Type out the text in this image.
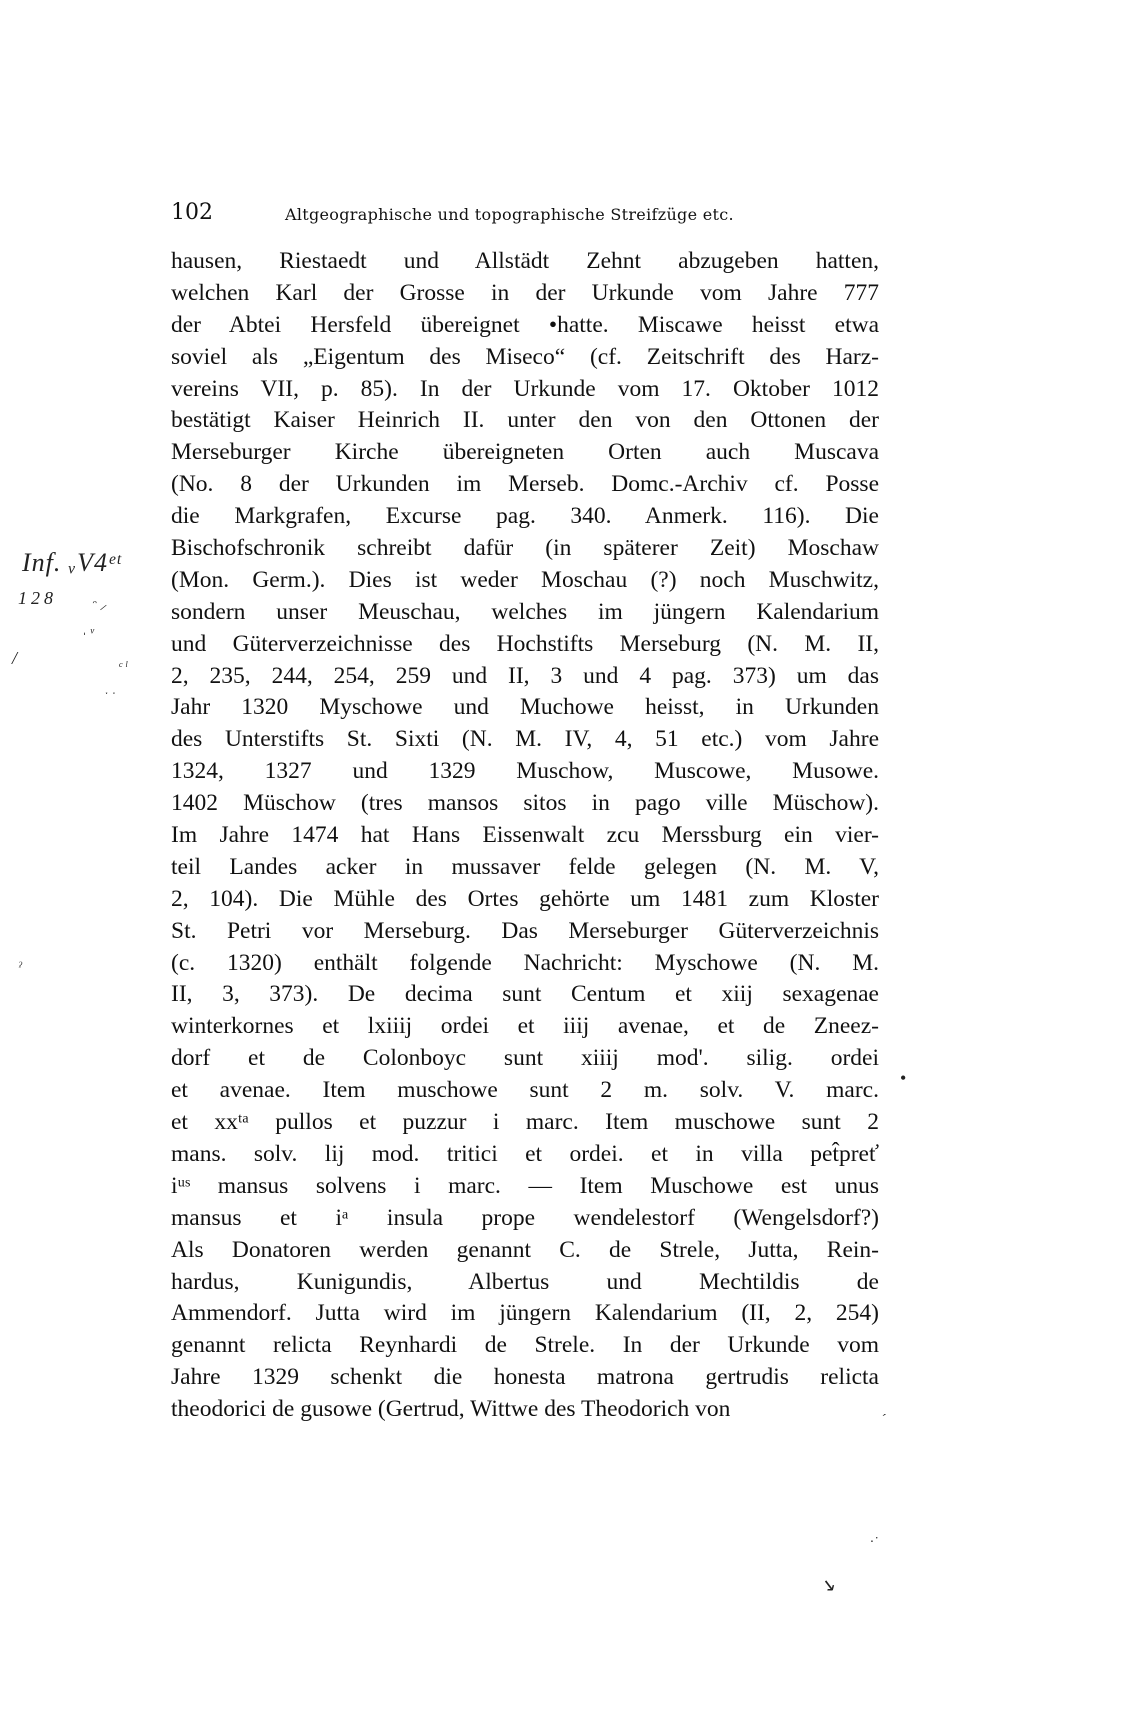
102	Altgeographische und topographische Streifzüge etc.
hausen, Riestaedt und Allstädt Zehnt abzugeben hatten,
welchen Karl der Grosse in der Urkunde vom Jahre 777
der Abtei Hersfeld übereignet •hatte. Miscawe heisst etwa
soviel als „Eigentum des Miseco“ (cf. Zeitschrift des Harz-
vereins VII, p. 85). In der Urkunde vom 17. Oktober 1012
bestätigt Kaiser Heinrich II. unter den von den Ottonen der
Merseburger Kirche übereigneten Orten auch Muscava
(No. 8 der Urkunden im Merseb. Domc.-Archiv cf. Posse
die Markgrafen, Excurse pag. 340. Anmerk. 116). Die
Bischofschronik schreibt dafür (in späterer Zeit) Moschaw
(Mon. Germ.). Dies ist weder Moschau (?) noch Muschwitz,
sondern unser Meuschau, welches im jüngern Kalendarium
und Güterverzeichnisse des Hochstifts Merseburg (N. M. II,
2, 235, 244, 254, 259 und II, 3 und 4 pag. 373) um das
Jahr 1320 Myschowe und Muchowe heisst, in Urkunden
des Unterstifts St. Sixti (N. M. IV, 4, 51 etc.) vom Jahre
1324, 1327 und 1329 Muschow, Muscowe, Musowe.
1402 Müschow (tres mansos sitos in pago ville Müschow).
Im Jahre 1474 hat Hans Eissenwalt zcu Merssburg ein vier-
teil Landes acker in mussaver felde gelegen (N. M. V,
2, 104). Die Mühle des Ortes gehörte um 1481 zum Kloster
St. Petri vor Merseburg. Das Merseburger Güterverzeichnis
(c. 1320) enthält folgende Nachricht: Myschowe (N. M.
II, 3, 373). De decima sunt Centum et xiij sexagenae
winterkornes et lxiiij ordei et iiij avenae, et de Zneez-
dorf et de Colonboyc sunt xiiij mod'. silig. ordei
et avenae. Item muschowe sunt 2 m. solv. V. marc.
et xxᵗᵃ pullos et puzzur i marc. Item muschowe sunt 2
mans. solv. lij mod. tritici et ordei. et in villa pet̂preť
iᵘˢ mansus solvens i marc. — Item Muschowe est unus
mansus et iᵃ insula prope wendelestorf (Wengelsdorf?)
Als Donatoren werden genannt C. de Strele, Jutta, Rein-
hardus, Kunigundis, Albertus und Mechtildis de
Ammendorf. Jutta wird im jüngern Kalendarium (II, 2, 254)
genannt relicta Reynhardi de Strele. In der Urkunde vom
Jahre 1329 schenkt die honesta matrona gertrudis relicta
theodorici de gusowe (Gertrud, Wittwe des Theodorich von
Inf. ᵥV4ᵉᵗ
128	ᵔ ⸝
ˌ ᵥ
/	ᶜ ˡ
ˑ ˑ
ˀ
•
ˏ
·˙
↘
